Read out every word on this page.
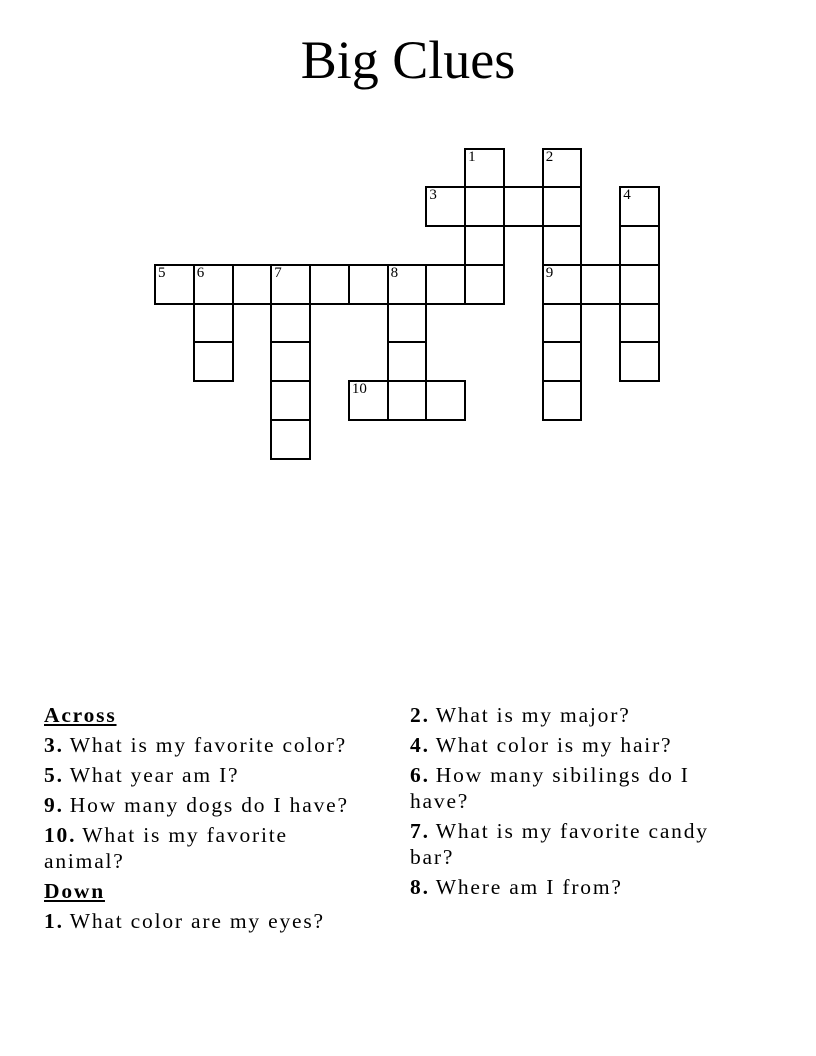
Big Clues
1	2
3	4
5 6	7	8	9
10

Across

3. What is my favorite color?

5. What year am I?

9. How many dogs do I have?

10. What is my favorite animal?

Down

1. What color are my eyes?

2. What is my major?

4. What color is my hair?

6. How many sibilings do I have?

7. What is my favorite candy bar?

8. Where am I from?
